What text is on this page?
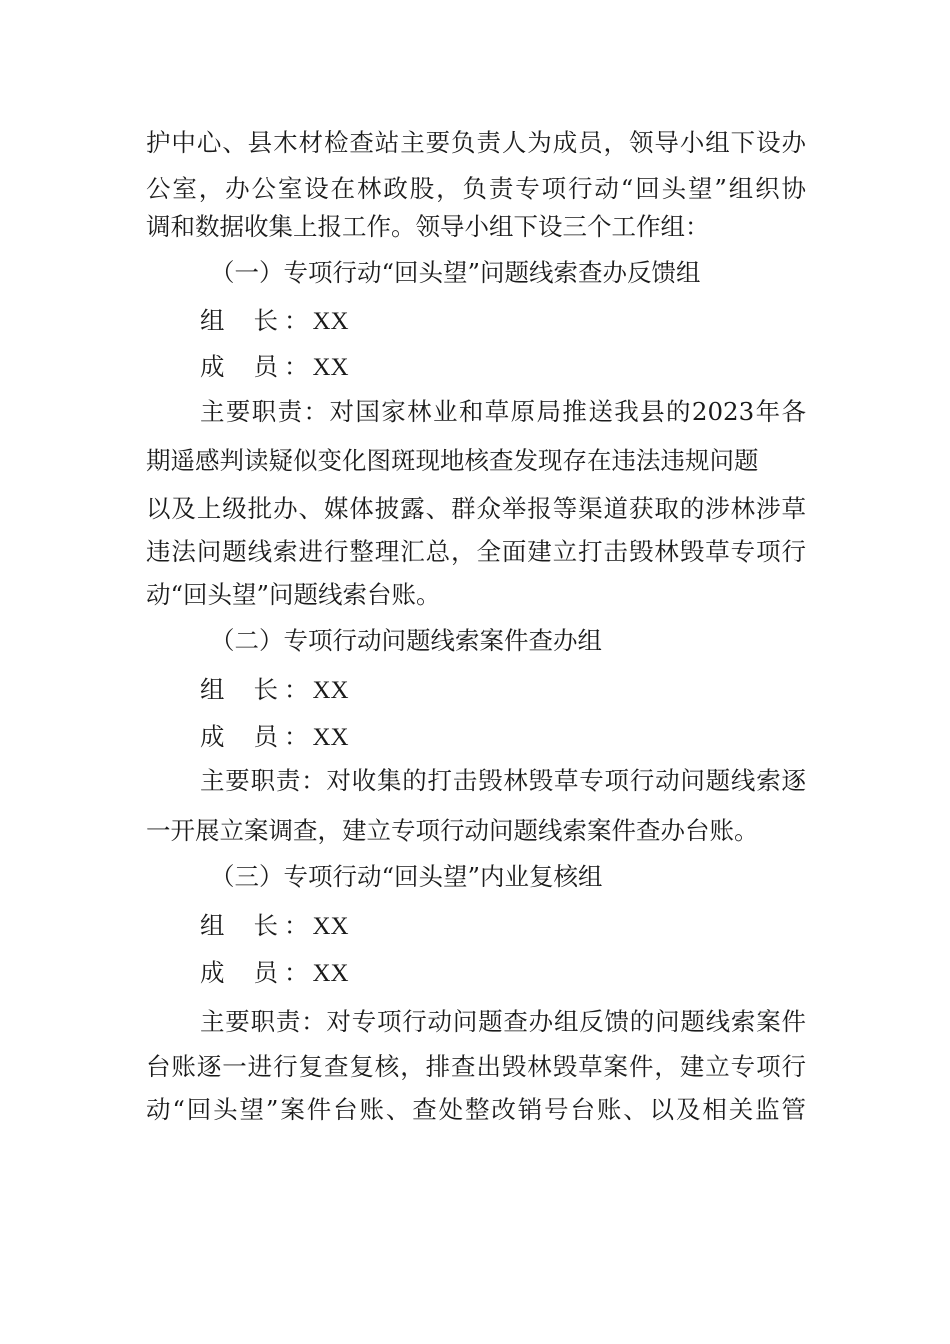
护中心、县木材检查站主要负责人为成员，领导小组下设办
公室，办公室设在林政股，负责专项行动“回头望”组织协
调和数据收集上报工作。领导小组下设三个工作组：
（一）专项行动“回头望”问题线索查办反馈组
组 长 ： XX
成 员 ： XX
主要职责：对国家林业和草原局推送我县的2023年各
期遥感判读疑似变化图斑现地核查发现存在违法违规问题
以及上级批办、媒体披露、群众举报等渠道获取的涉林涉草
违法问题线索进行整理汇总，全面建立打击毁林毁草专项行
动“回头望”问题线索台账。
（二）专项行动问题线索案件查办组
组 长 ： XX
成 员 ： XX
主要职责：对收集的打击毁林毁草专项行动问题线索逐
一开展立案调查，建立专项行动问题线索案件查办台账。
（三）专项行动“回头望”内业复核组
组 长 ： XX
成 员 ： XX
主要职责：对专项行动问题查办组反馈的问题线索案件
台账逐一进行复查复核，排查出毁林毁草案件，建立专项行
动“回头望”案件台账、查处整改销号台账、以及相关监管
